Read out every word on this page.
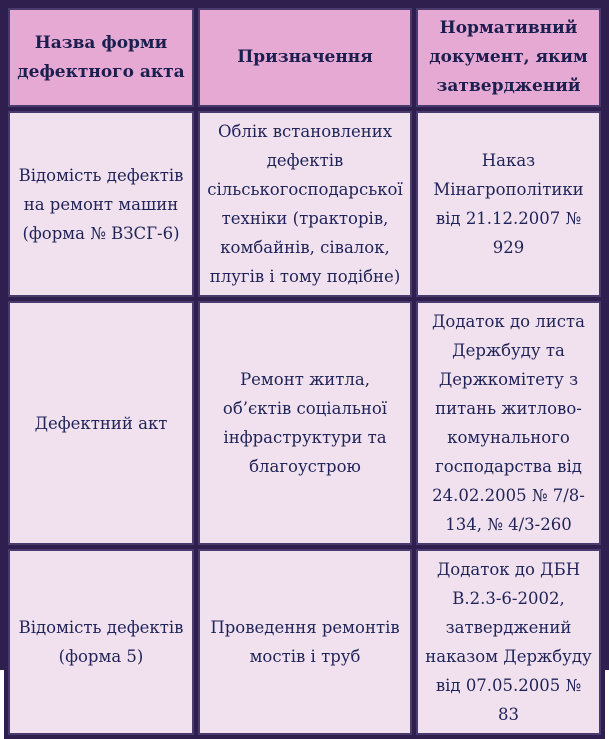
Назва форми дефектного акта	Призначення	Нормативний документ, яким затверджений
Відомість дефектів на ремонт машин (форма № ВЗСГ-6)	Облік встановлених дефектів сільськогосподарської техніки (тракторів, комбайнів, сівалок, плугів і тому подібне)	Наказ Мінагрополітики від 21.12.2007 № 929
Дефектний акт	Ремонт житла, об’єктів соціальної інфраструктури та благоустрою	Додаток до листа Держбуду та Держкомітету з питань житлово-комунального господарства від 24.02.2005 № 7/8-134, № 4/3-260
Відомість дефектів (форма 5)	Проведення ремонтів мостів і труб	Додаток до ДБН В.2.3-6-2002, затверджений наказом Держбуду від 07.05.2005 № 83
